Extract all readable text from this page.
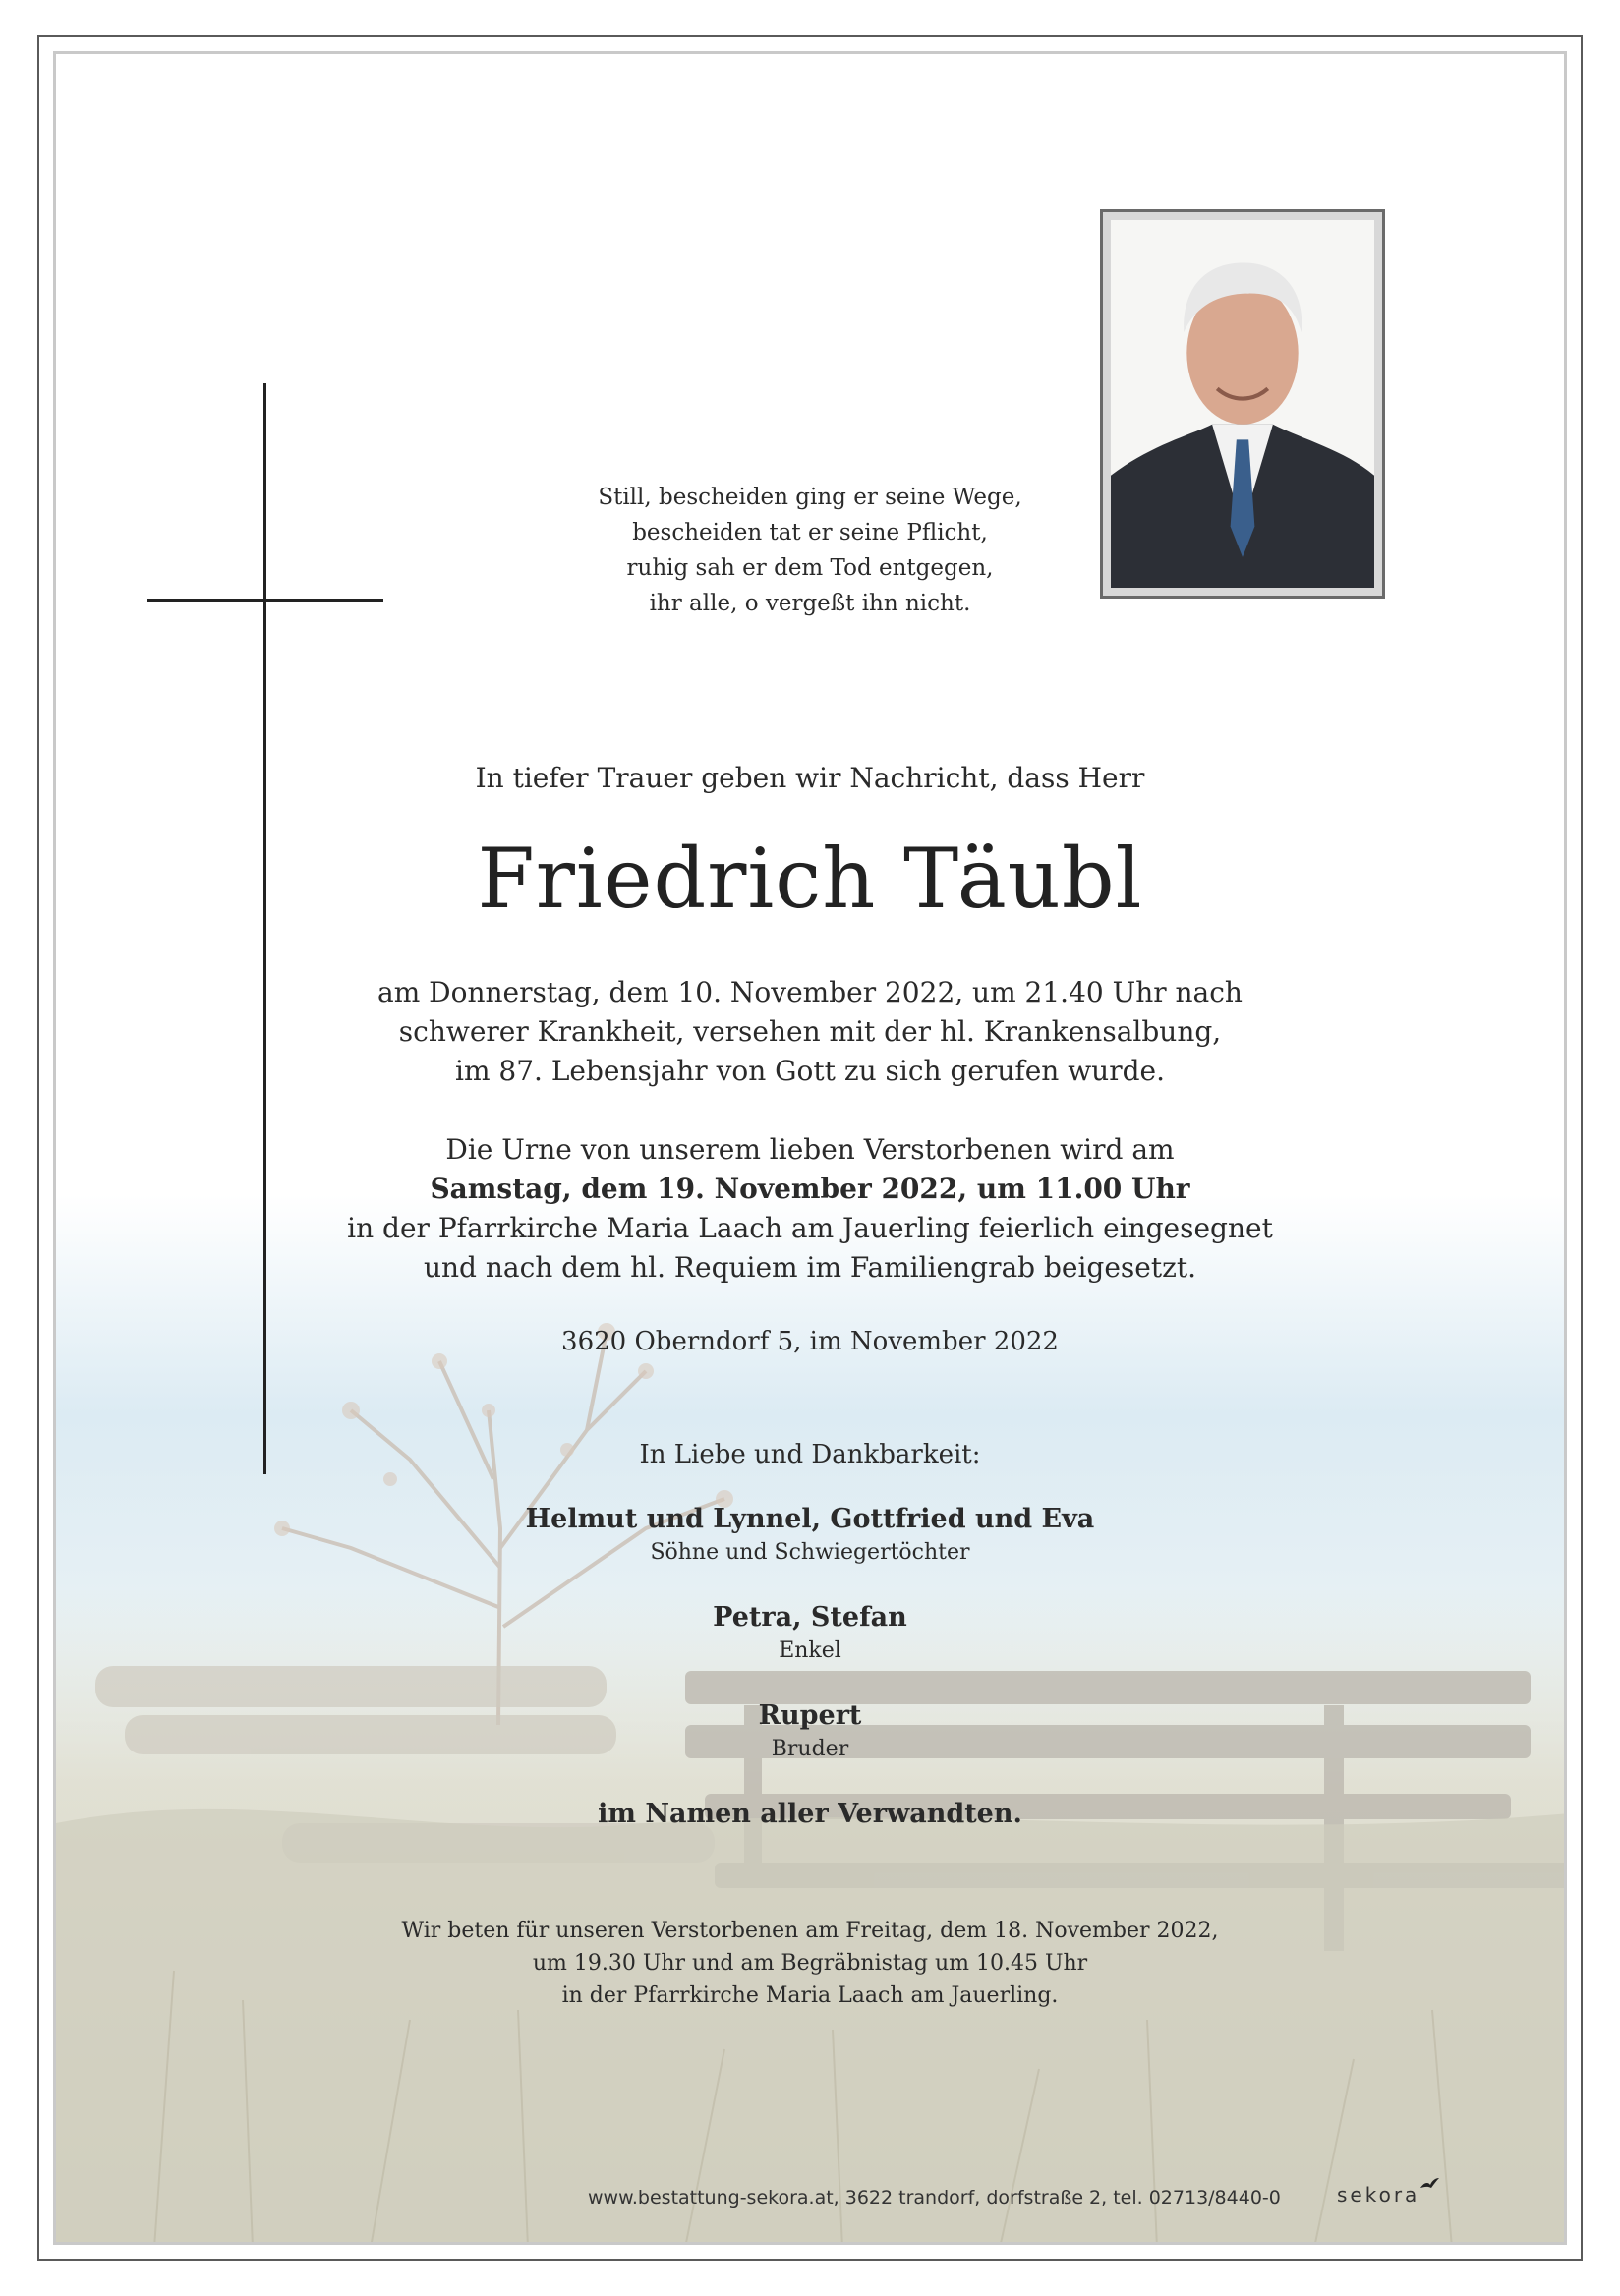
Still, bescheiden ging er seine Wege,

bescheiden tat er seine Pflicht,

ruhig sah er dem Tod entgegen,

ihr alle, o vergeßt ihn nicht.

In tiefer Trauer geben wir Nachricht, dass Herr

Friedrich Täubl

am Donnerstag, dem 10. November 2022, um 21.40 Uhr nach

schwerer Krankheit, versehen mit der hl. Krankensalbung,

im 87. Lebensjahr von Gott zu sich gerufen wurde.

Die Urne von unserem lieben Verstorbenen wird am

Samstag, dem 19. November 2022, um 11.00 Uhr

in der Pfarrkirche Maria Laach am Jauerling feierlich eingesegnet

und nach dem hl. Requiem im Familiengrab beigesetzt.

3620 Oberndorf 5, im November 2022

In Liebe und Dankbarkeit:

Helmut und Lynnel, Gottfried und Eva

Söhne und Schwiegertöchter

Petra, Stefan

Enkel

Rupert

Bruder

im Namen aller Verwandten.

Wir beten für unseren Verstorbenen am Freitag, dem 18. November 2022,

um 19.30 Uhr und am Begräbnistag um 10.45 Uhr

in der Pfarrkirche Maria Laach am Jauerling.

www.bestattung-sekora.at, 3622 trandorf, dorfstraße 2, tel. 02713/8440-0	sekora
